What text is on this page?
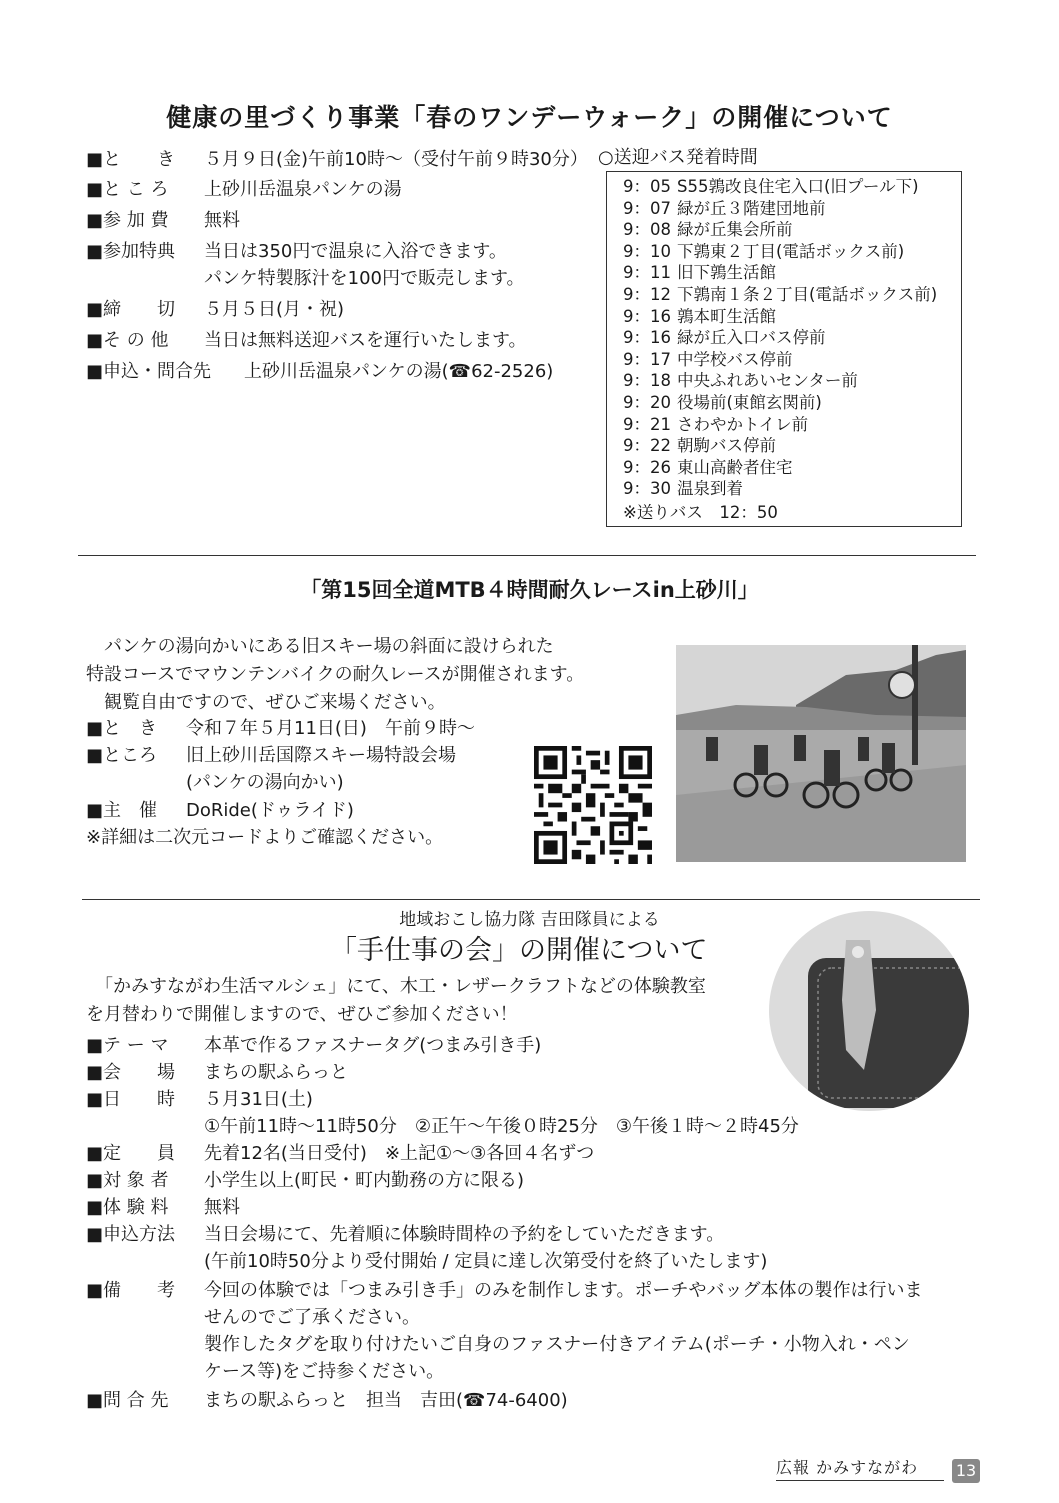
健康の里づくり事業「春のワンデーウォーク」の開催について
■と　　き ５月９日(金)午前10時～（受付午前９時30分）
■と こ ろ 上砂川岳温泉パンケの湯
■参 加 費 無料
■参加特典 当日は350円で温泉に入浴できます。
パンケ特製豚汁を100円で販売します。
■締　　切 ５月５日(月・祝)
■そ の 他 当日は無料送迎バスを運行いたします。
■申込・問合先 上砂川岳温泉パンケの湯(☎62-2526)
○送迎バス発着時間
9：05 S55鶉改良住宅入口(旧プール下)
9：07 緑が丘３階建団地前
9：08 緑が丘集会所前
9：10 下鶉東２丁目(電話ボックス前)
9：11 旧下鶉生活館
9：12 下鶉南１条２丁目(電話ボックス前)
9：16 鶉本町生活館
9：16 緑が丘入口バス停前
9：17 中学校バス停前
9：18 中央ふれあいセンター前
9：20 役場前(東館玄関前)
9：21 さわやかトイレ前
9：22 朝駒バス停前
9：26 東山高齢者住宅
9：30 温泉到着
※送りバス　12：50
「第15回全道MTB４時間耐久レースin上砂川」
　パンケの湯向かいにある旧スキー場の斜面に設けられた
特設コースでマウンテンバイクの耐久レースが開催されます。
　観覧自由ですので、ぜひご来場ください。
■と　き 令和７年５月11日(日)　午前９時～
■ところ 旧上砂川岳国際スキー場特設会場
(パンケの湯向かい)
■主　催 DoRide(ドゥライド)
※詳細は二次元コードよりご確認ください。
地域おこし協力隊 吉田隊員による
「手仕事の会」の開催について
　「かみすながわ生活マルシェ」にて、木工・レザークラフトなどの体験教室
を月替わりで開催しますので、ぜひご参加ください！
■テ ー マ 本革で作るファスナータグ(つまみ引き手)
■会　　場 まちの駅ふらっと
■日　　時 ５月31日(土)
①午前11時～11時50分　②正午～午後０時25分　③午後１時～２時45分
■定　　員 先着12名(当日受付)　※上記①～③各回４名ずつ
■対 象 者 小学生以上(町民・町内勤務の方に限る)
■体 験 料 無料
■申込方法 当日会場にて、先着順に体験時間枠の予約をしていただきます。
(午前10時50分より受付開始 / 定員に達し次第受付を終了いたします)
■備　　考 今回の体験では「つまみ引き手」のみを制作します。ポーチやバッグ本体の製作は行いま
せんのでご了承ください。
製作したタグを取り付けたいご自身のファスナー付きアイテム(ポーチ・小物入れ・ペン
ケース等)をご持参ください。
■問 合 先 まちの駅ふらっと　担当　吉田(☎74-6400)
広報 かみすながわ	13
